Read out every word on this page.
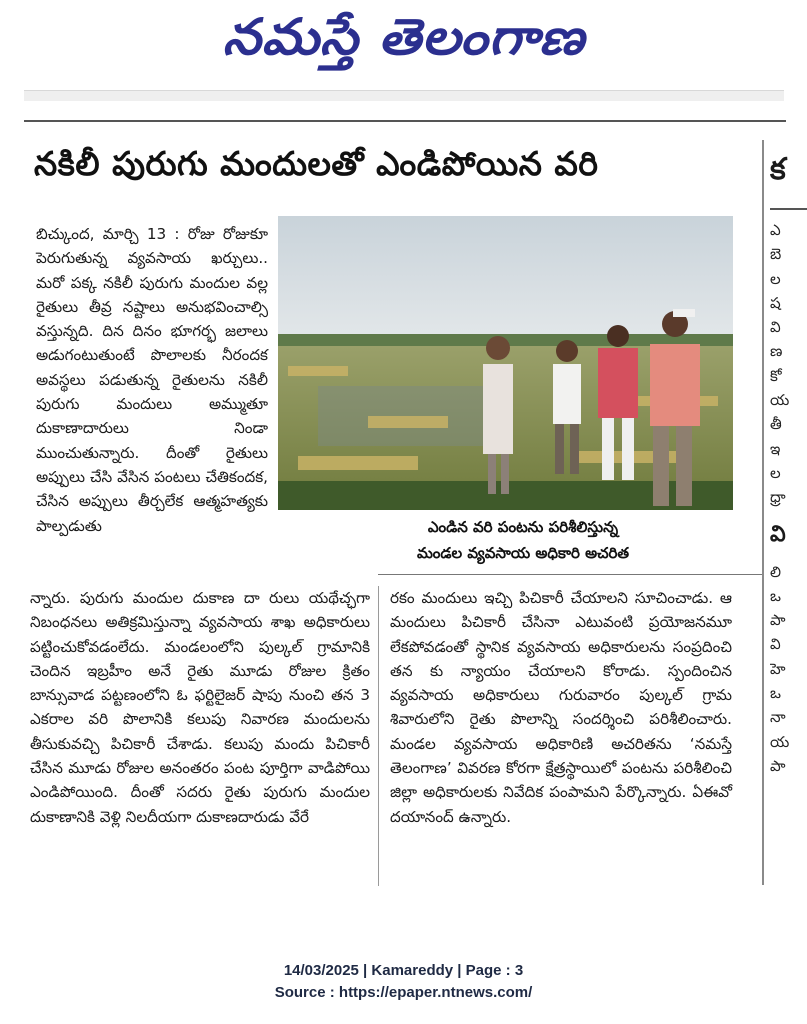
నమస్తే తెలంగాణ
నకిలీ పురుగు మందులతో ఎండిపోయిన వరి
బిచ్కుంద, మార్చి 13 : రోజు రోజుకూ పెరుగుతున్న వ్యవసాయ ఖర్చులు.. మరో పక్క నకిలీ పురుగు మందుల వల్ల రైతులు తీవ్ర నష్టాలు అనుభవించాల్సి వస్తున్నది. దిన దినం భూగర్భ జలాలు అడుగంటుతుంటే పొలాలకు నీరందక అవస్థలు పడుతున్న రైతులను నకిలీ పురుగు మందులు అమ్ముతూ దుకాణాదారులు నిండా ముంచుతున్నారు. దీంతో రైతులు అప్పులు చేసి వేసిన పంటలు చేతికందక, చేసిన అప్పులు తీర్చలేక ఆత్మహత్యకు పాల్పడుతు	ఎండిన వరి పంటను పరిశీలిస్తున్న
మండల వ్యవసాయ అధికారి అచరిత
న్నారు. పురుగు మందుల దుకాణ దా రులు యథేచ్ఛగా నిబంధనలు అతిక్రమిస్తున్నా వ్యవసాయ శాఖ అధికారులు పట్టించుకోవడంలేదు. మండలంలోని పుల్కల్ గ్రామానికి చెందిన ఇబ్రహీం అనే రైతు మూడు రోజుల క్రితం బాన్సువాడ పట్టణంలోని ఓ ఫర్టిలైజర్ షాపు నుంచి తన 3 ఎకరాల వరి పొలానికి కలుపు నివారణ మందులను తీసుకువచ్చి పిచికారీ చేశాడు. కలుపు మందు పిచికారీ చేసిన మూడు రోజుల అనంతరం పంట పూర్తిగా వాడిపోయి ఎండిపోయింది. దీంతో సదరు రైతు పురుగు మందుల దుకాణానికి వెళ్లి నిలదీయగా దుకాణదారుడు వేరే
రకం మందులు ఇచ్చి పిచికారీ చేయాలని సూచించాడు. ఆ మందులు పిచికారీ చేసినా ఎటువంటి ప్రయోజనమూ లేకపోవడంతో స్థానిక వ్యవసాయ అధికారులను సంప్రదించి తన కు న్యాయం చేయాలని కోరాడు. స్పందించిన వ్యవసాయ అధికారులు గురువారం పుల్కల్ గ్రామ శివారులోని రైతు పొలాన్ని సందర్శించి పరిశీలించారు. మండల వ్యవసాయ అధికారిణి అచరితను ‘నమస్తే తెలంగాణ’ వివరణ కోరగా క్షేత్రస్థాయిలో పంటను పరిశీలించి జిల్లా అధికారులకు నివేదిక పంపామని పేర్కొన్నారు. ఏఈవో దయానంద్ ఉన్నారు.
క
ఎ
బె
ల
ష
వి
ణ
కో
య
తీ
ఇ
ల
ధ్రా
వి
లి
ఒ
పా
వి
హె
ఒ
నా
య
పా
14/03/2025 | Kamareddy | Page : 3
Source : https://epaper.ntnews.com/
